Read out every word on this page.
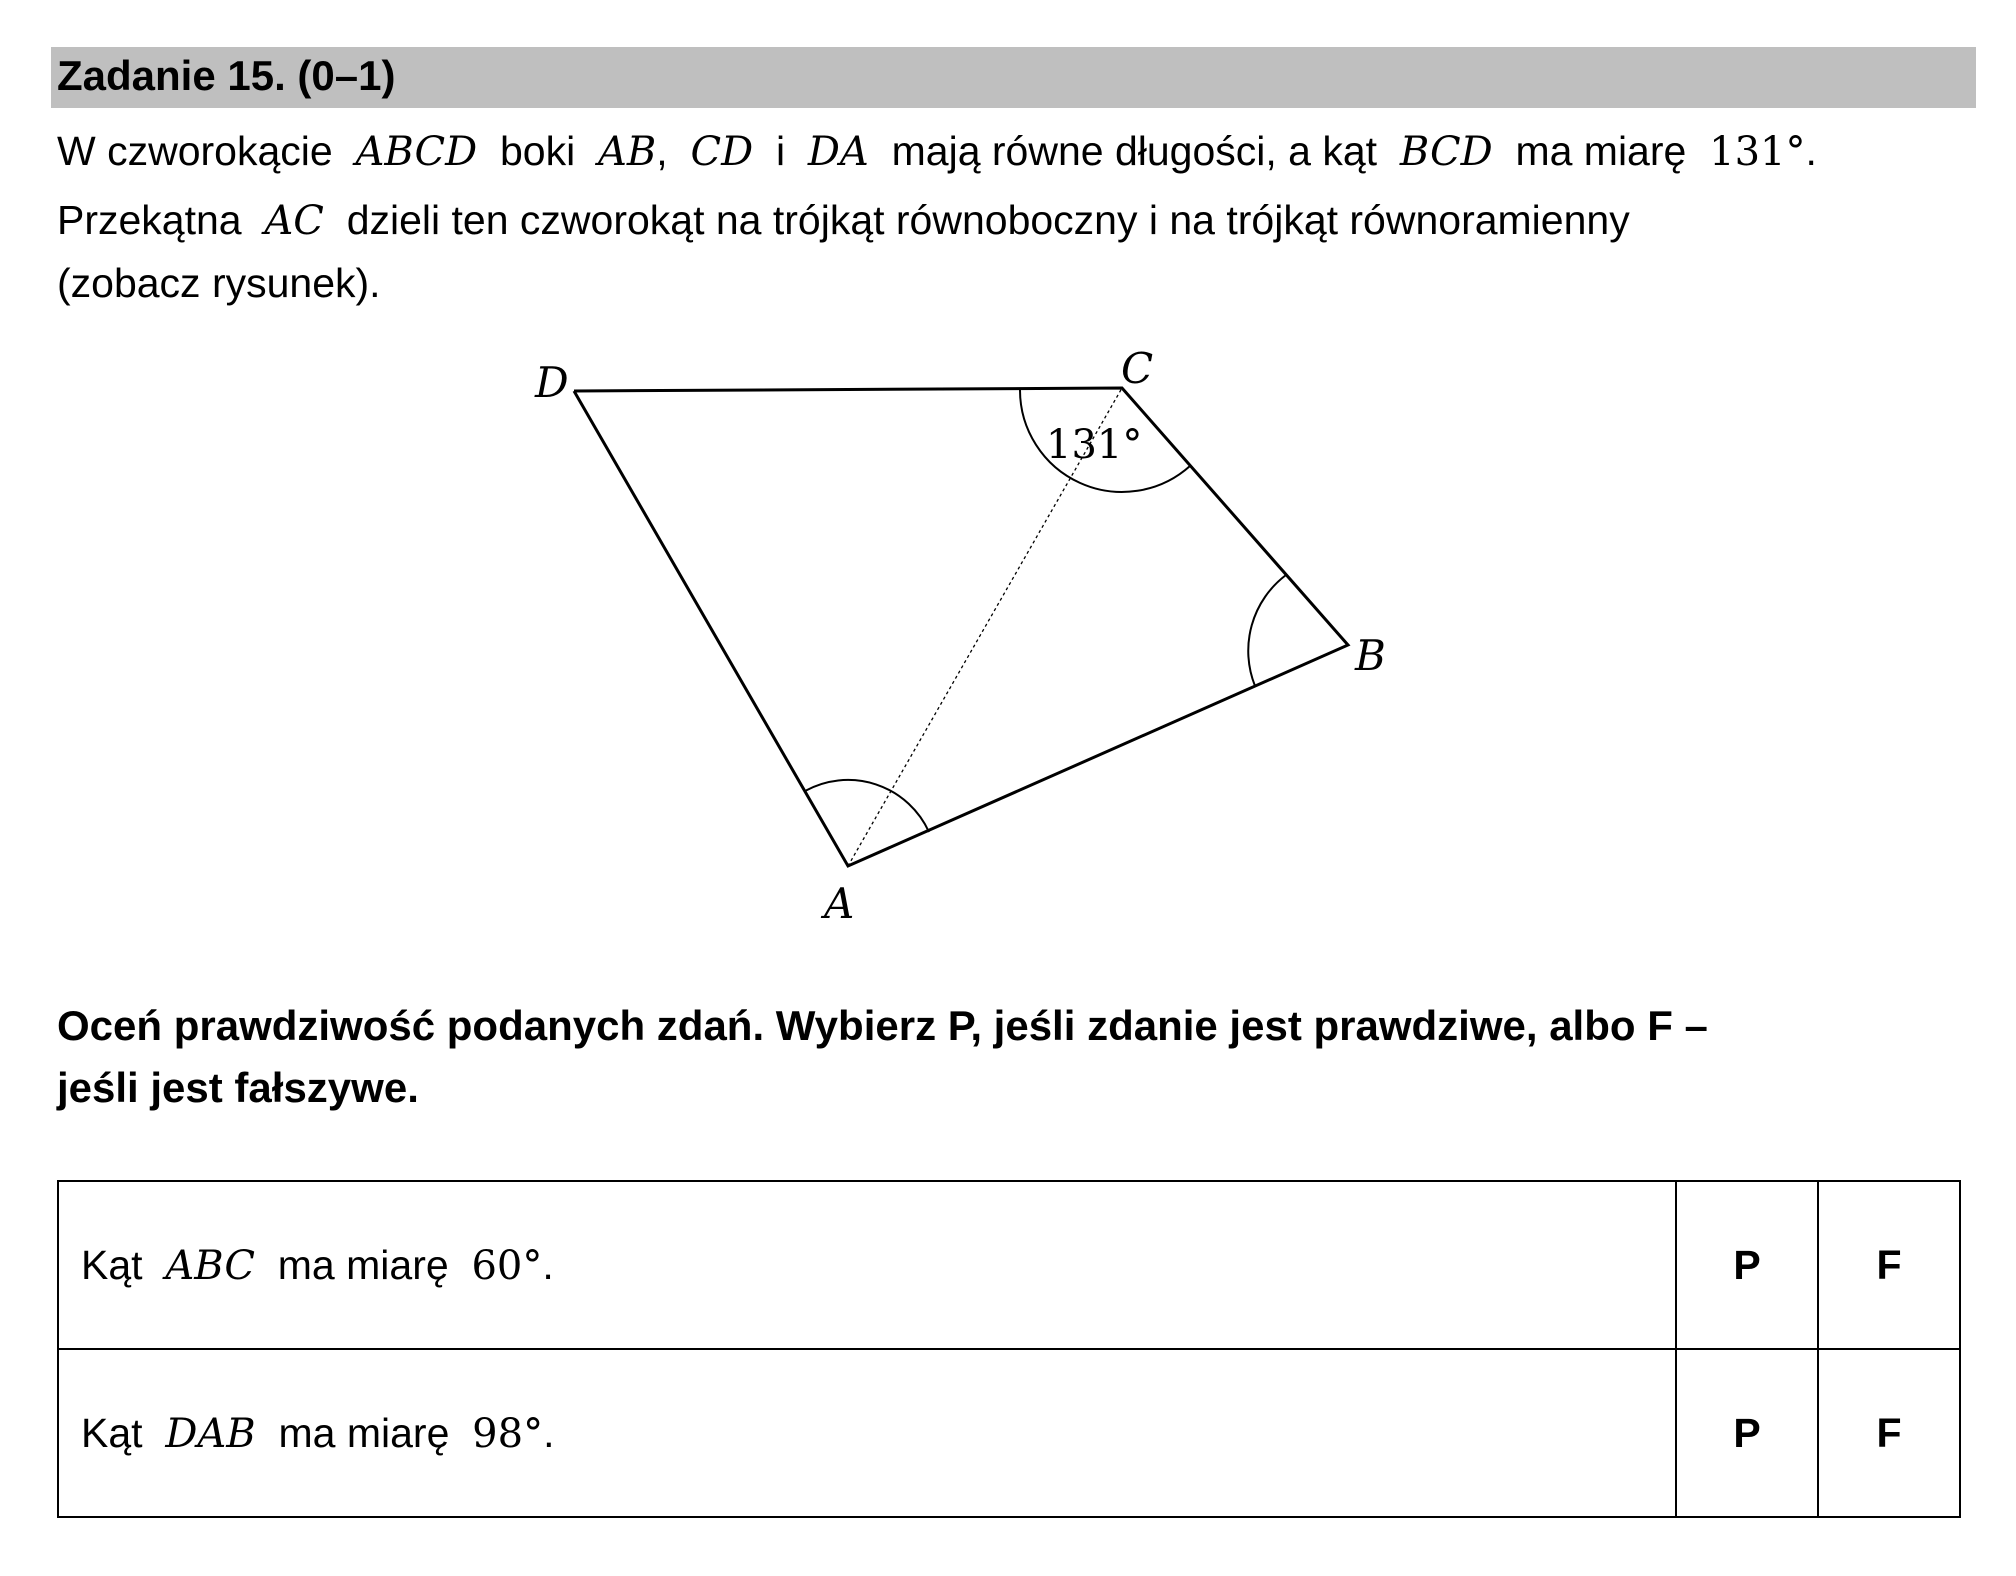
Zadanie 15. (0–1)
W czworokącie ABCD boki AB, CD i DA mają równe długości, a kąt BCD ma miarę 131°.
Przekątna AC dzieli ten czworokąt na trójkąt równoboczny i na trójkąt równoramienny
(zobacz rysunek).
D	C
B
A
131°
Oceń prawdziwość podanych zdań. Wybierz P, jeśli zdanie jest prawdziwe, albo F –
jeśli jest fałszywe.
Kąt ABC ma miarę 60°.	P	F
Kąt DAB ma miarę 98°.	P	F
